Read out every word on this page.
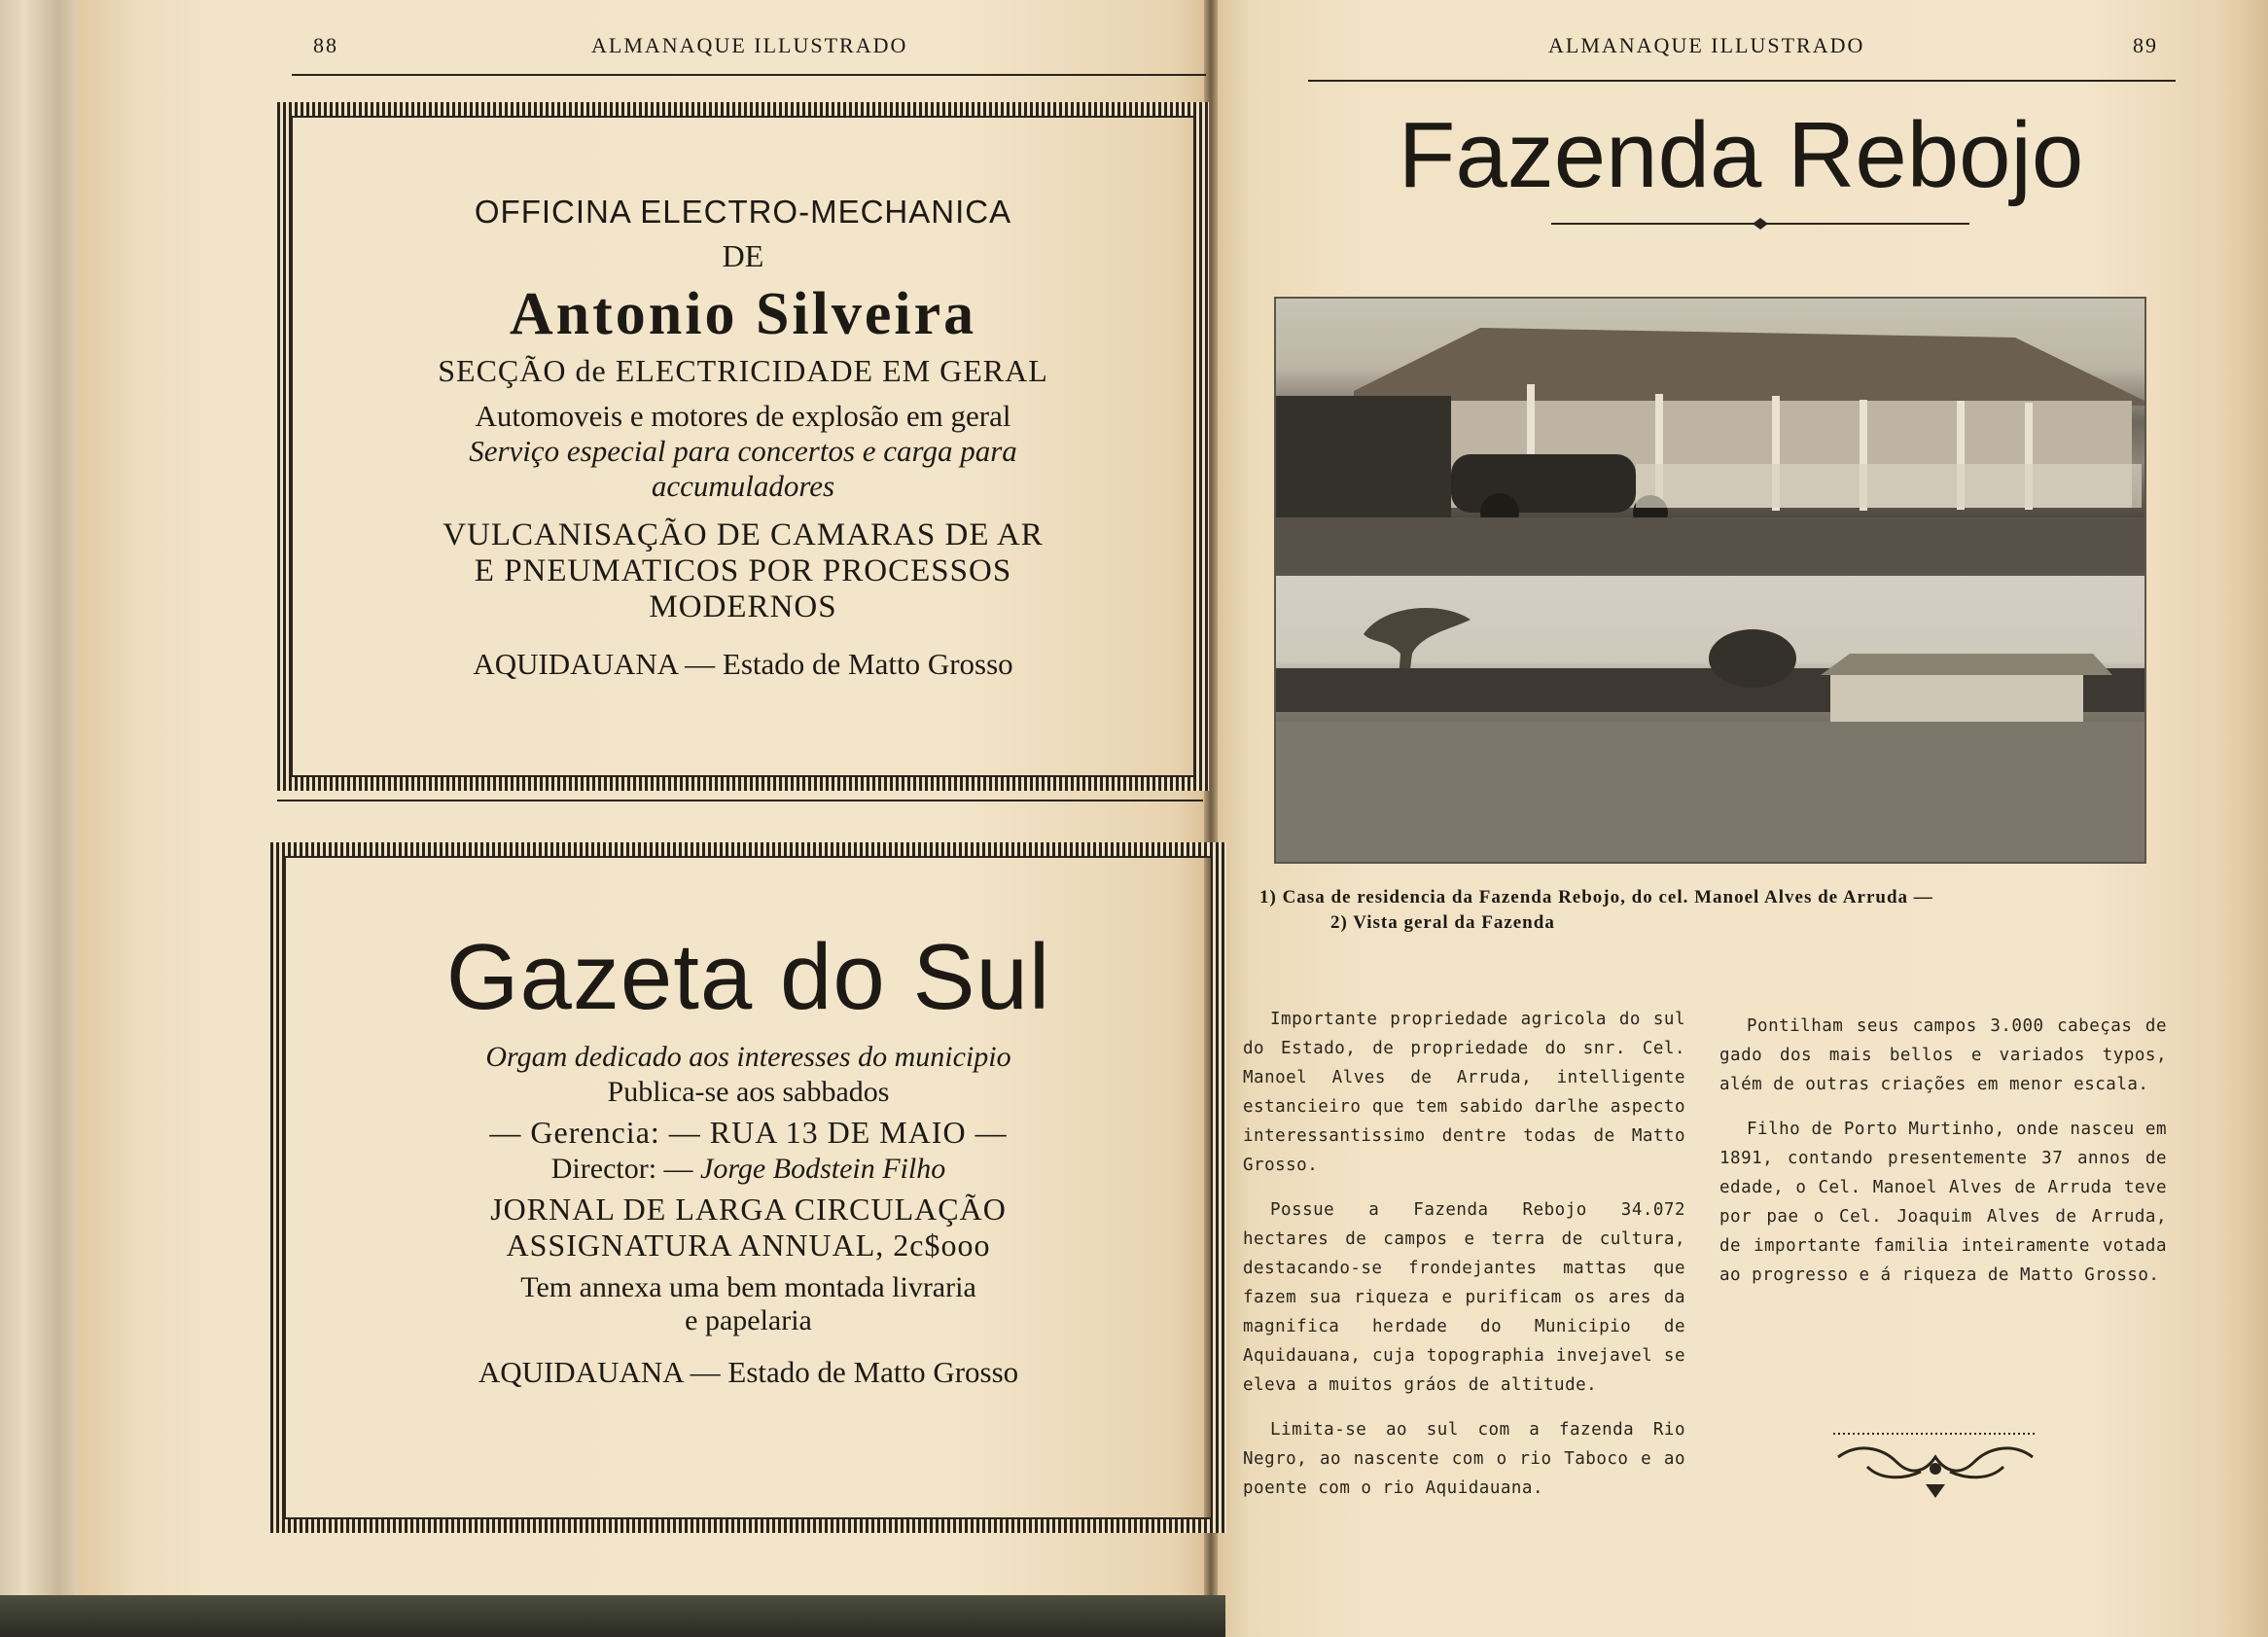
88	ALMANAQUE ILLUSTRADO
OFFICINA ELECTRO-MECHANICA
DE
Antonio Silveira
SECÇÃO de ELECTRICIDADE EM GERAL
Automoveis e motores de explosão em geral
Serviço especial para concertos e carga para
accumuladores
VULCANISAÇÃO DE CAMARAS DE AR
E PNEUMATICOS POR PROCESSOS
MODERNOS
AQUIDAUANA — Estado de Matto Grosso
Gazeta do Sul
Orgam dedicado aos interesses do municipio
Publica-se aos sabbados
— Gerencia: — RUA 13 DE MAIO —
Director: — Jorge Bodstein Filho
JORNAL DE LARGA CIRCULAÇÃO
ASSIGNATURA ANNUAL, 2c$ooo
Tem annexa uma bem montada livraria
e papelaria
AQUIDAUANA — Estado de Matto Grosso
ALMANAQUE ILLUSTRADO	89
Fazenda Rebojo
1) Casa de residencia da Fazenda Rebojo, do cel. Manoel Alves de Arruda —
2) Vista geral da Fazenda

Importante propriedade agricola do sul do Estado, de propriedade do snr. Cel. Manoel Alves de Arruda, intelligente estancieiro que tem sabido darlhe aspecto interessantissimo dentre todas de Matto Grosso.

Possue a Fazenda Rebojo 34.072 hectares de campos e terra de cultura, destacando-se frondejantes mattas que fazem sua riqueza e purificam os ares da magnifica herdade do Municipio de Aquidauana, cuja topographia invejavel se eleva a muitos gráos de altitude.

Limita-se ao sul com a fazenda Rio Negro, ao nascente com o rio Taboco e ao poente com o rio Aquidauana.

Pontilham seus campos 3.000 cabeças de gado dos mais bellos e variados typos, além de outras criações em menor escala.

Filho de Porto Murtinho, onde nasceu em 1891, contando presentemente 37 annos de edade, o Cel. Manoel Alves de Arruda teve por pae o Cel. Joaquim Alves de Arruda, de importante familia inteiramente votada ao progresso e á riqueza de Matto Grosso.
